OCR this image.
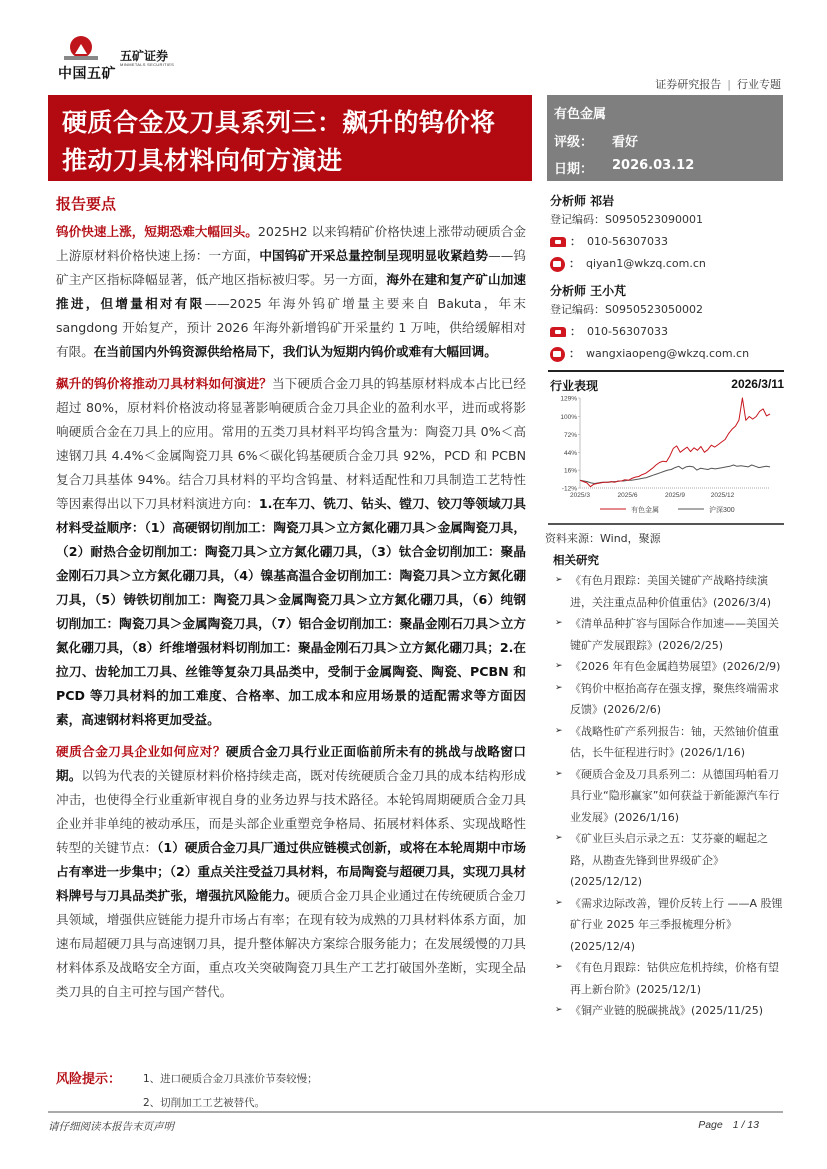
中国五矿
五矿证券
MINMETALS SECURITIES
证券研究报告 | 行业专题
硬质合金及刀具系列三：飙升的钨价将
推动刀具材料向何方演进
有色金属
评级： 看好
日期： 2026.03.12
报告要点

钨价快速上涨，短期恐难大幅回头。2025H2 以来钨精矿价格快速上涨带动硬质合金上游原材料价格快速上扬：一方面，中国钨矿开采总量控制呈现明显收紧趋势——钨矿主产区指标降幅显著，低产地区指标被归零。另一方面，海外在建和复产矿山加速推进，但增量相对有限——2025 年海外钨矿增量主要来自 Bakuta，年末 sangdong 开始复产，预计 2026 年海外新增钨矿开采量约 1 万吨，供给缓解相对有限。在当前国内外钨资源供给格局下，我们认为短期内钨价或难有大幅回调。

飙升的钨价将推动刀具材料如何演进？当下硬质合金刀具的钨基原材料成本占比已经超过 80%，原材料价格波动将显著影响硬质合金刀具企业的盈利水平，进而或将影响硬质合金在刀具上的应用。常用的五类刀具材料平均钨含量为：陶瓷刀具 0%＜高速钢刀具 4.4%＜金属陶瓷刀具 6%＜碳化钨基硬质合金刀具 92%，PCD 和 PCBN 复合刀具基体 94%。结合刀具材料的平均含钨量、材料适配性和刀具制造工艺特性等因素得出以下刀具材料演进方向：1.在车刀、铣刀、钻头、镗刀、铰刀等领域刀具材料受益顺序：（1）高硬钢切削加工：陶瓷刀具＞立方氮化硼刀具＞金属陶瓷刀具，（2）耐热合金切削加工：陶瓷刀具＞立方氮化硼刀具，（3）钛合金切削加工：聚晶金刚石刀具＞立方氮化硼刀具，（4）镍基高温合金切削加工：陶瓷刀具＞立方氮化硼刀具，（5）铸铁切削加工：陶瓷刀具＞金属陶瓷刀具＞立方氮化硼刀具，（6）纯钢切削加工：陶瓷刀具＞金属陶瓷刀具，（7）铝合金切削加工：聚晶金刚石刀具＞立方氮化硼刀具，（8）纤维增强材料切削加工：聚晶金刚石刀具＞立方氮化硼刀具；2.在拉刀、齿轮加工刀具、丝锥等复杂刀具品类中，受制于金属陶瓷、陶瓷、PCBN 和 PCD 等刀具材料的加工难度、合格率、加工成本和应用场景的适配需求等方面因素，高速钢材料将更加受益。

硬质合金刀具企业如何应对？硬质合金刀具行业正面临前所未有的挑战与战略窗口期。以钨为代表的关键原材料价格持续走高，既对传统硬质合金刀具的成本结构形成冲击，也使得全行业重新审视自身的业务边界与技术路径。本轮钨周期硬质合金刀具企业并非单纯的被动承压，而是头部企业重塑竞争格局、拓展材料体系、实现战略性转型的关键节点：（1）硬质合金刀具厂通过供应链模式创新，或将在本轮周期中市场占有率进一步集中；（2）重点关注受益刀具材料，布局陶瓷与超硬刀具，实现刀具材料牌号与刀具品类扩张，增强抗风险能力。硬质合金刀具企业通过在传统硬质合金刀具领域，增强供应链能力提升市场占有率；在现有较为成熟的刀具材料体系方面，加速布局超硬刀具与高速钢刀具，提升整体解决方案综合服务能力；在发展缓慢的刀具材料体系及战略安全方面，重点攻关突破陶瓷刀具生产工艺打破国外垄断，实现全品类刀具的自主可控与国产替代。

分析师 祁岩
登记编码：S0950523090001
： 010-56307033
： qiyan1@wkzq.com.cn
分析师 王小芃
登记编码：S0950523050002
： 010-56307033
： wangxiaopeng@wkzq.com.cn
行业表现	2026/3/11
129%
100%
72%
44%
16%
-12%
2025/3	2025/6	2025/9	2025/12
有色金属	沪深300
资料来源：Wind，聚源
相关研究
➢ 《有色月跟踪：美国关键矿产战略持续演进，关注重点品种价值重估》(2026/3/4)
➢ 《清单品种扩容与国际合作加速——美国关键矿产发展跟踪》(2026/2/25)
➢ 《2026 年有色金属趋势展望》(2026/2/9)
➢ 《钨价中枢抬高存在强支撑，聚焦终端需求反馈》(2026/2/6)
➢ 《战略性矿产系列报告：铀，天然铀价值重估，长牛征程进行时》(2026/1/16)
➢ 《硬质合金及刀具系列二：从德国玛帕看刀具行业“隐形赢家”如何获益于新能源汽车行业发展》(2026/1/16)
➢ 《矿业巨头启示录之五：艾芬豪的崛起之路，从勘查先锋到世界级矿企》(2025/12/12)
➢ 《需求边际改善，锂价反转上行 ——A 股锂矿行业 2025 年三季报梳理分析》(2025/12/4)
➢ 《有色月跟踪：钴供应危机持续，价格有望再上新台阶》(2025/12/1)
➢ 《铜产业链的脱碳挑战》(2025/11/25)
风险提示： 1、进口硬质合金刀具涨价节奏较慢；
2、切削加工工艺被替代。
请仔细阅读本报告末页声明	Page 1 / 13
